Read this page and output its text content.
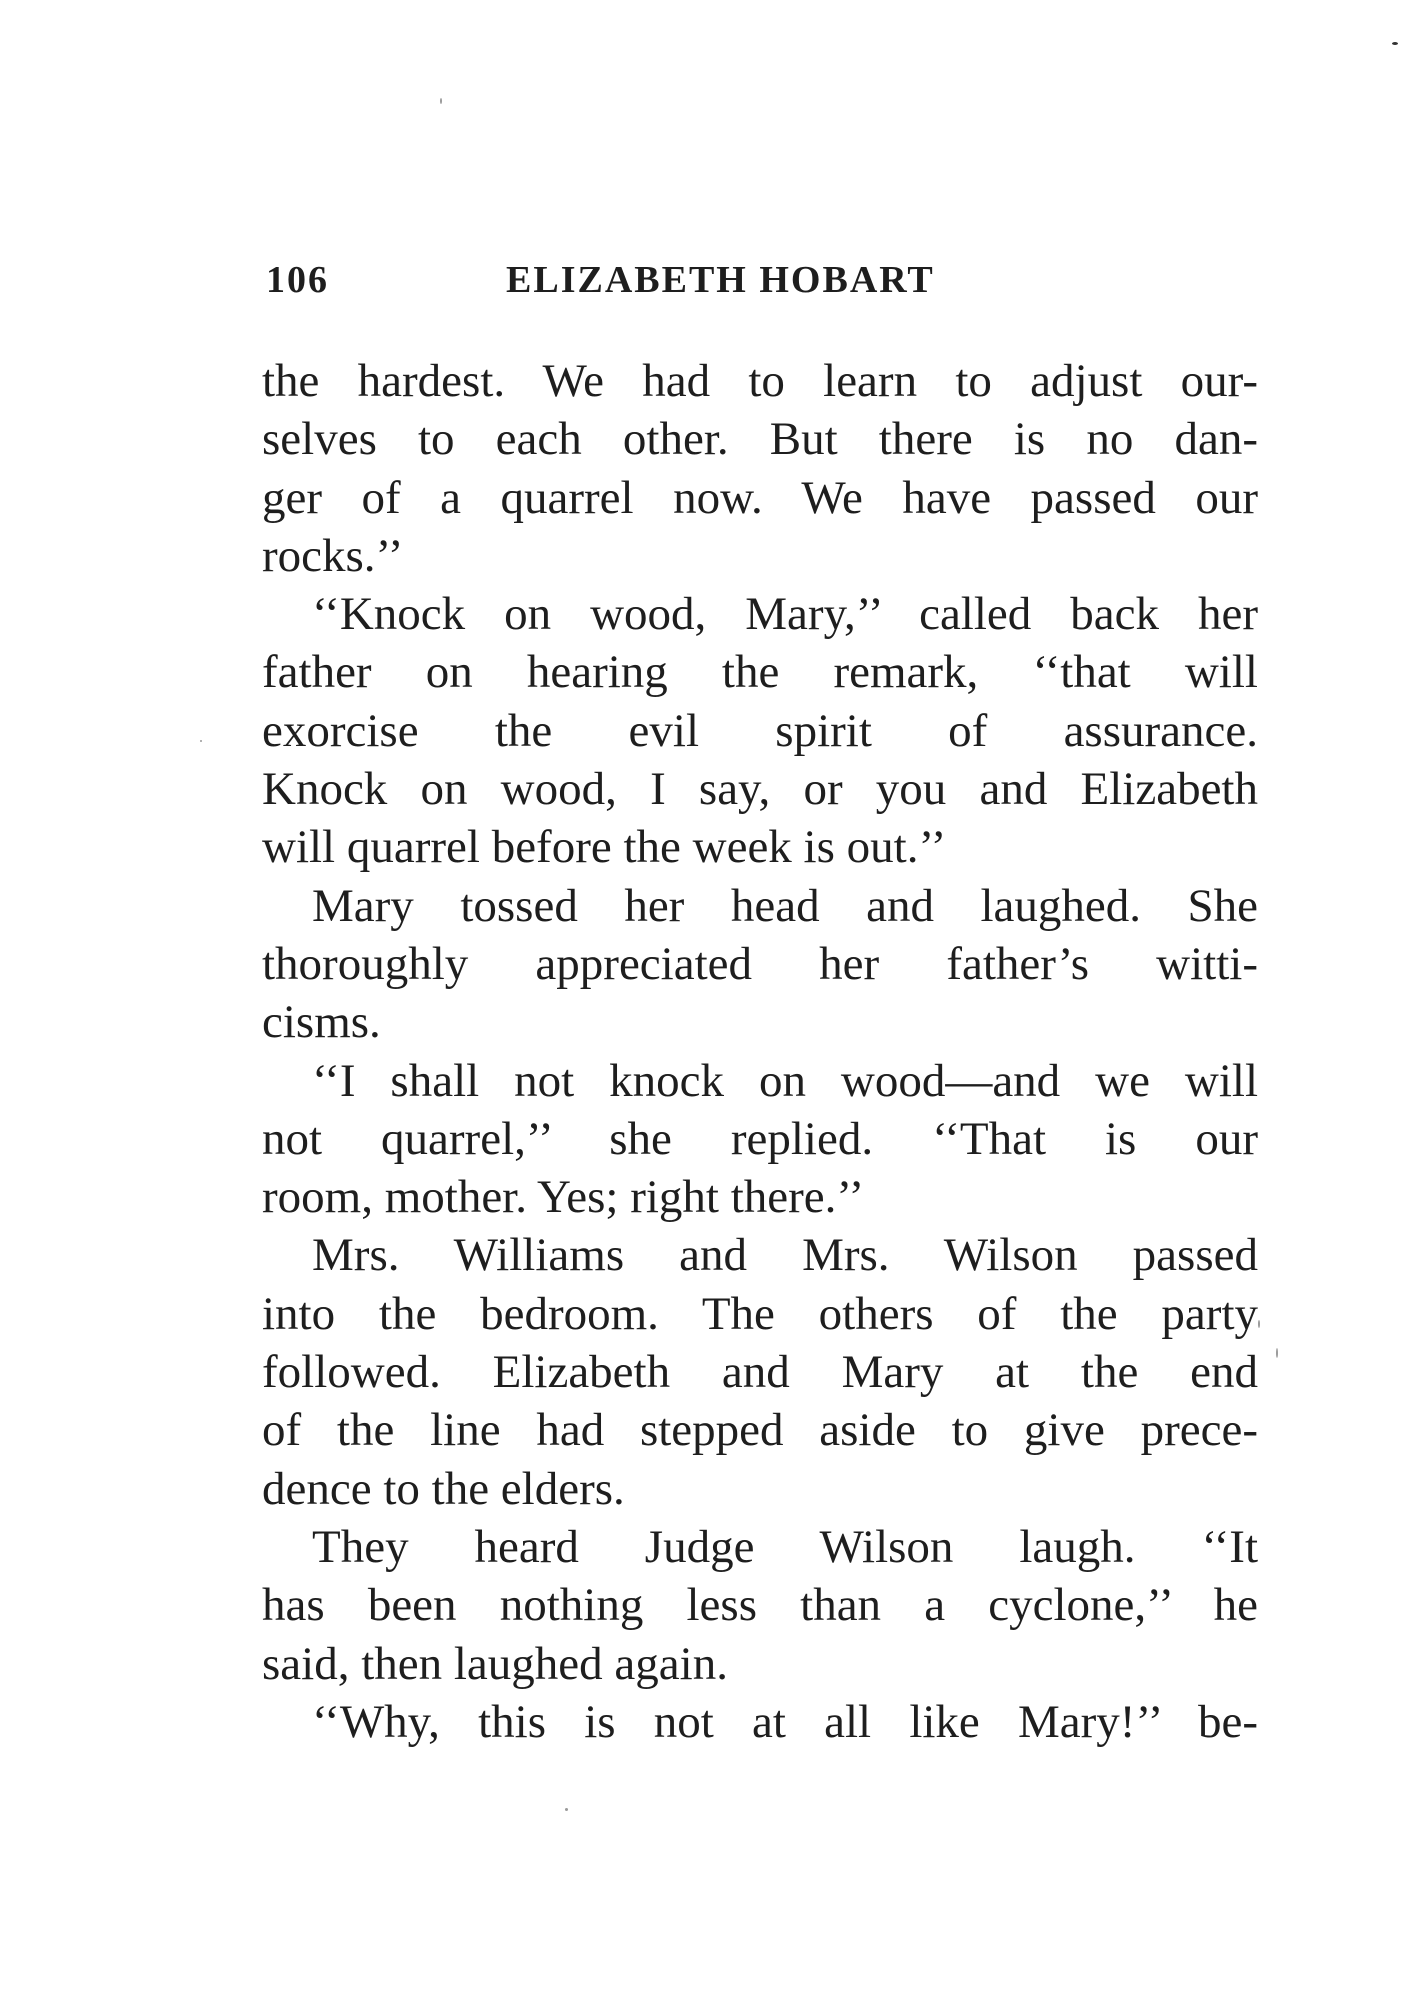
106	ELIZABETH HOBART
the hardest. We had to learn to adjust our-
selves to each other. But there is no dan-
ger of a quarrel now. We have passed our
rocks.’’
‘‘Knock on wood, Mary,’’ called back her
father on hearing the remark, ‘‘that will
exorcise the evil spirit of assurance.
Knock on wood, I say, or you and Elizabeth
will quarrel before the week is out.’’
Mary tossed her head and laughed. She
thoroughly appreciated her father’s witti-
cisms.
‘‘I shall not knock on wood—and we will
not quarrel,’’ she replied. ‘‘That is our
room, mother. Yes; right there.’’
Mrs. Williams and Mrs. Wilson passed
into the bedroom. The others of the party
followed. Elizabeth and Mary at the end
of the line had stepped aside to give prece-
dence to the elders.
They heard Judge Wilson laugh. ‘‘It
has been nothing less than a cyclone,’’ he
said, then laughed again.
‘‘Why, this is not at all like Mary!’’ be-
